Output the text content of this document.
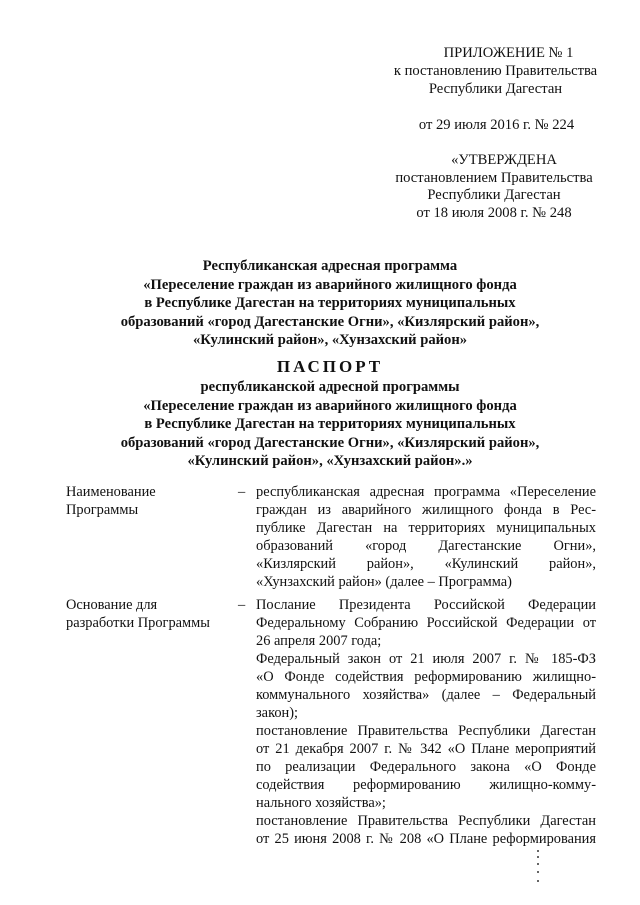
ПРИЛОЖЕНИЕ № 1
к постановлению Правительства
Республики Дагестан
от 29 июля 2016 г. № 224
«УТВЕРЖДЕНА
постановлением Правительства
Республики Дагестан
от 18 июля 2008 г. № 248
Республиканская адресная программа
«Переселение граждан из аварийного жилищного фонда
в Республике Дагестан на территориях муниципальных
образований «город Дагестанские Огни», «Кизлярский район»,
«Кулинский район», «Хунзахский район»
ПАСПОРТ
республиканской адресной программы
«Переселение граждан из аварийного жилищного фонда
в Республике Дагестан на территориях муниципальных
образований «город Дагестанские Огни», «Кизлярский район»,
«Кулинский район», «Хунзахский район».»
Наименование
Программы
– республиканская адресная программа «Переселение
граждан из аварийного жилищного фонда в Рес-
публике Дагестан на территориях муниципальных
образований «город Дагестанские Огни»,
«Кизлярский район», «Кулинский район»,
«Хунзахский район» (далее – Программа)
Основание для
разработки Программы
– Послание Президента Российской Федерации
Федеральному Собранию Российской Федерации от
26 апреля 2007 года;
Федеральный закон от 21 июля 2007 г. № 185-ФЗ
«О Фонде содействия реформированию жилищно-
коммунального хозяйства» (далее – Федеральный
закон);
постановление Правительства Республики Дагестан
от 21 декабря 2007 г. № 342 «О Плане мероприятий
по реализации Федерального закона «О Фонде
содействия реформированию жилищно-комму-
нального хозяйства»;
постановление Правительства Республики Дагестан
от 25 июня 2008 г. № 208 «О Плане реформирования
